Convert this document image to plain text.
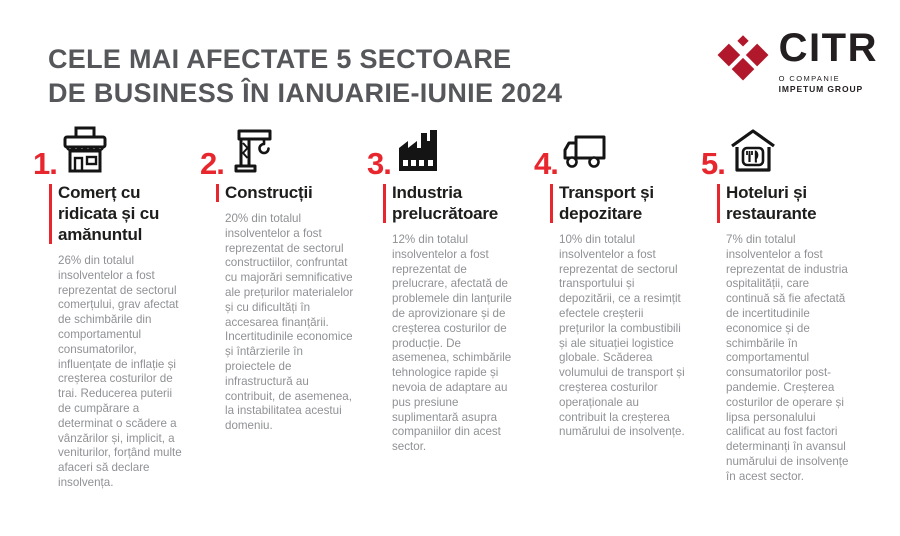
CELE MAI AFECTATE 5 SECTOARE
DE BUSINESS ÎN IANUARIE-IUNIE 2024
CITR
O COMPANIE
IMPETUM GROUP
1.
Comerț cu ridicata și cu amănuntul
26% din totalul insolventelor a fost reprezentat de sectorul comerțului, grav afectat de schimbările din comportamentul consumatorilor, influențate de inflație și creșterea costurilor de trai. Reducerea puterii de cumpărare a determinat o scădere a vânzărilor și, implicit, a veniturilor, forțând multe afaceri să declare insolvența.
2.
Construcții
20% din totalul insolventelor a fost reprezentat de sectorul constructiilor, confruntat cu majorări semnificative ale prețurilor materialelor și cu dificultăți în accesarea finanțării. Incertitudinile economice și întârzierile în proiectele de infrastructură au contribuit, de asemenea, la instabilitatea acestui domeniu.
3.
Industria prelucrătoare
12% din totalul insolventelor a fost reprezentat de prelucrare, afectată de problemele din lanțurile de aprovizionare și de creșterea costurilor de producție. De asemenea, schimbările tehnologice rapide și nevoia de adaptare au pus presiune suplimentară asupra companiilor din acest sector.
4.
Transport și depozitare
10% din totalul insolventelor a fost reprezentat de sectorul transportului și depozitării, ce a resimțit efectele creșterii prețurilor la combustibili și ale situației logistice globale. Scăderea volumului de transport și creșterea costurilor operaționale au contribuit la creșterea numărului de insolvențe.
5.
Hoteluri și restaurante
7% din totalul insolventelor a fost reprezentat de industria ospitalității, care continuă să fie afectată de incertitudinile economice și de schimbările în comportamentul consumatorilor post-pandemie. Creșterea costurilor de operare și lipsa personalului calificat au fost factori determinanți în avansul numărului de insolvențe în acest sector.
